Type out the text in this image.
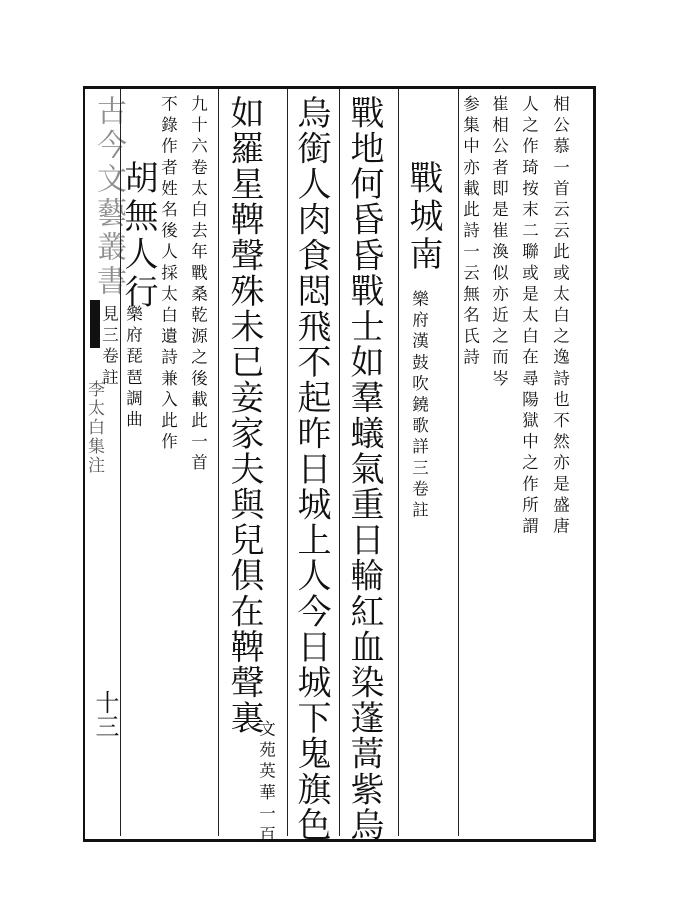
古今文藝叢書
李太白集注
十三
相公慕一首云云此或太白之逸詩也不然亦是盛唐
人之作琦按末二聯或是太白在尋陽獄中之作所謂
崔相公者即是崔渙似亦近之而岑
参集中亦載此詩一云無名氏詩
戰城南
樂府漢鼓吹鐃歌詳三卷註
戰地何昏昏戰士如羣蟻氣重日輪紅血染蓬蒿紫烏
烏銜人肉食悶飛不起昨日城上人今日城下鬼旗色
如羅星鞞聲殊未已妾家夫與兒俱在鞞聲裏
文苑英華一百
九十六卷太白去年戰桑乾源之後載此一首
不錄作者姓名後人採太白遺詩兼入此作
胡無人行
樂府琵琶調曲
見三卷註
